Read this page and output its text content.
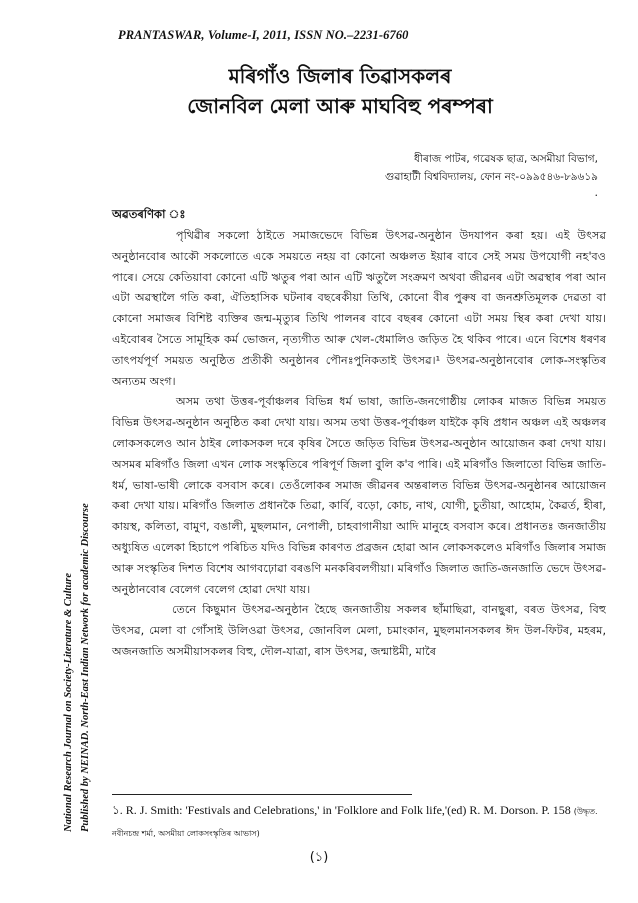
PRANTASWAR, Volume-I, 2011, ISSN NO.–2231-6760
মৰিগাঁও জিলাৰ তিৱাসকলৰ
জোনবিল মেলা আৰু মাঘবিহু পৰম্পৰা
National Research Journal on Society-Literature & Culture Published by NEINAD. North-East Indian Network for academic Discourse
ধীৰাজ পাটৰ, গৱেষক ছাত্ৰ, অসমীয়া বিভাগ,
গুৱাহাটী বিশ্ববিদ্যালয়, ফোন নং-০৯৯৫৪৬-৮৯৬১৯
.
অৱতৰণিকা ঃ

পৃথিৱীৰ সকলো ঠাইতে সমাজভেদে বিভিন্ন উৎসৱ-অনুষ্ঠান উদযাপন কৰা হয়। এই উৎসৱ অনুষ্ঠানবোৰ আকৌ সকলোতে একে সময়তে নহয় বা কোনো অঞ্চলত ইয়াৰ বাবে সেই সময় উপযোগী নহ'বও পাৰে। সেয়ে কেতিয়াবা কোনো এটি ঋতুৰ পৰা আন এটি ঋতুলৈ সংক্ৰমণ অথবা জীৱনৰ এটা অৱস্থাৰ পৰা আন এটা অৱস্থালৈ গতি কৰা, ঐতিহাসিক ঘটনাৰ বছৰেকীয়া তিথি, কোনো বীৰ পুৰুষ বা জনশ্ৰুতিমূলক দেৱতা বা কোনো সমাজৰ বিশিষ্ট ব্যক্তিৰ জন্ম-মৃত্যুৰ তিথি পালনৰ বাবে বছৰৰ কোনো এটা সময় স্থিৰ কৰা দেখা যায়। এইবোৰৰ সৈতে সামূহিক কৰ্ম ভোজন, নৃত্যগীত আৰু খেল-ধেমালিও জড়িত হৈ থকিব পাৰে। এনে বিশেষ ধৰণৰ তাৎপৰ্যপূৰ্ণ সময়ত অনুষ্ঠিত প্ৰতীকী অনুষ্ঠানৰ পৌনঃপুনিকতাই উৎসৱ।¹ উৎসৱ-অনুষ্ঠানবোৰ লোক-সংস্কৃতিৰ অন্যতম অংগ।

অসম তথা উত্তৰ-পূৰ্বাঞ্চলৰ বিভিন্ন ধৰ্ম ভাষা, জাতি-জনগোষ্ঠীয় লোকৰ মাজত বিভিন্ন সময়ত বিভিন্ন উৎসৱ-অনুষ্ঠান অনুষ্ঠিত কৰা দেখা যায়। অসম তথা উত্তৰ-পূৰ্বাঞ্চল যাইকৈ কৃষি প্ৰধান অঞ্চল এই অঞ্চলৰ লোকসকলেও আন ঠাইৰ লোকসকল দৰে কৃষিৰ সৈতে জড়িত বিভিন্ন উৎসৱ-অনুষ্ঠান আয়োজন কৰা দেখা যায়। অসমৰ মৰিগাঁও জিলা এখন লোক সংস্কৃতিৰে পৰিপূৰ্ণ জিলা বুলি ক'ব পাৰি। এই মৰিগাঁও জিলাতো বিভিন্ন জাতি-ধৰ্ম, ভাষা-ভাষী লোকে বসবাস কৰে। তেওঁলোকৰ সমাজ জীৱনৰ অন্তৰালত বিভিন্ন উৎসৱ-অনুষ্ঠানৰ আয়োজন কৰা দেখা যায়। মৰিগাঁও জিলাত প্ৰধানকৈ তিৱা, কাৰ্বি, বড়ো, কোচ, নাথ, যোগী, চুতীয়া, আহোম, কৈৱৰ্ত, হীৰা, কায়স্থ, কলিতা, বামুণ, বঙালী, মুছলমান, নেপালী, চাহবাগানীয়া আদি মানুহে বসবাস কৰে। প্ৰধানতঃ জনজাতীয় অধ্যুষিত এলেকা হিচাপে পৰিচিত যদিও বিভিন্ন কাৰণত প্ৰব্ৰজন হোৱা আন লোকসকলেও মৰিগাঁও জিলাৰ সমাজ আৰু সংস্কৃতিৰ দিশত বিশেষ আগবঢ়োৱা বৰঙণি মনকৰিবলগীয়া। মৰিগাঁও জিলাত জাতি-জনজাতি ভেদে উৎসৱ-অনুষ্ঠানবোৰ বেলেগ বেলেগ হোৱা দেখা যায়।

তেনে কিছুমান উৎসৱ-অনুষ্ঠান হৈছে জনজাতীয় সকলৰ ছাঁমাছিৱা, বানছুৰা, বৰত উৎসৱ, বিহু উৎসৱ, মেলা বা গোঁসাই উলিওৱা উৎসৱ, জোনবিল মেলা, চমাংকান, মুছলমানসকলৰ ঈদ উল-ফিটৰ, মহৰম, অজনজাতি অসমীয়াসকলৰ বিহু, দৌল-যাত্ৰা, ৰাস উৎসৱ, জন্মাষ্টমী, মাৰৈ

১. R. J. Smith: 'Festivals and Celebrations,' in 'Folklore and Folk life,'(ed) R. M. Dorson. P. 158 (উদ্ধৃত. নবীনচন্দ্ৰ শৰ্মা, অসমীয়া লোকসংস্কৃতিৰ আভাস)
(১)
